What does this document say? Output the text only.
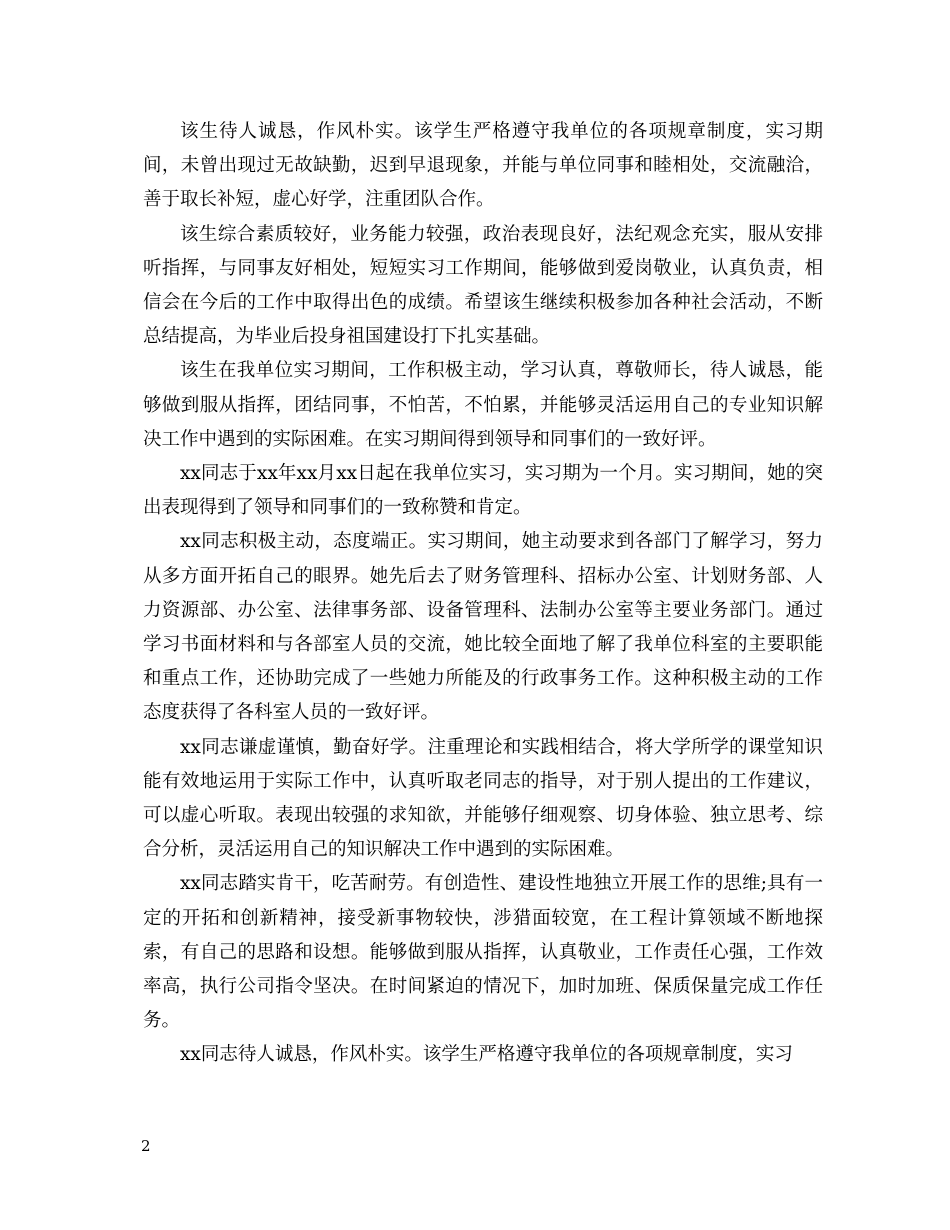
该生待人诚恳，作风朴实。该学生严格遵守我单位的各项规章制度，实习期间，未曾出现过无故缺勤，迟到早退现象，并能与单位同事和睦相处，交流融洽，善于取长补短，虚心好学，注重团队合作。

该生综合素质较好，业务能力较强，政治表现良好，法纪观念充实，服从安排听指挥，与同事友好相处，短短实习工作期间，能够做到爱岗敬业，认真负责，相信会在今后的工作中取得出色的成绩。希望该生继续积极参加各种社会活动，不断总结提高，为毕业后投身祖国建设打下扎实基础。

该生在我单位实习期间，工作积极主动，学习认真，尊敬师长，待人诚恳，能够做到服从指挥，团结同事，不怕苦，不怕累，并能够灵活运用自己的专业知识解决工作中遇到的实际困难。在实习期间得到领导和同事们的一致好评。

xx同志于xx年xx月xx日起在我单位实习，实习期为一个月。实习期间，她的突出表现得到了领导和同事们的一致称赞和肯定。

xx同志积极主动，态度端正。实习期间，她主动要求到各部门了解学习，努力从多方面开拓自己的眼界。她先后去了财务管理科、招标办公室、计划财务部、人力资源部、办公室、法律事务部、设备管理科、法制办公室等主要业务部门。通过学习书面材料和与各部室人员的交流，她比较全面地了解了我单位科室的主要职能和重点工作，还协助完成了一些她力所能及的行政事务工作。这种积极主动的工作态度获得了各科室人员的一致好评。

xx同志谦虚谨慎，勤奋好学。注重理论和实践相结合，将大学所学的课堂知识能有效地运用于实际工作中，认真听取老同志的指导，对于别人提出的工作建议，可以虚心听取。表现出较强的求知欲，并能够仔细观察、切身体验、独立思考、综合分析，灵活运用自己的知识解决工作中遇到的实际困难。

xx同志踏实肯干，吃苦耐劳。有创造性、建设性地独立开展工作的思维;具有一定的开拓和创新精神，接受新事物较快，涉猎面较宽，在工程计算领域不断地探索，有自己的思路和设想。能够做到服从指挥，认真敬业，工作责任心强，工作效率高，执行公司指令坚决。在时间紧迫的情况下，加时加班、保质保量完成工作任务。

xx同志待人诚恳，作风朴实。该学生严格遵守我单位的各项规章制度，实习

2
